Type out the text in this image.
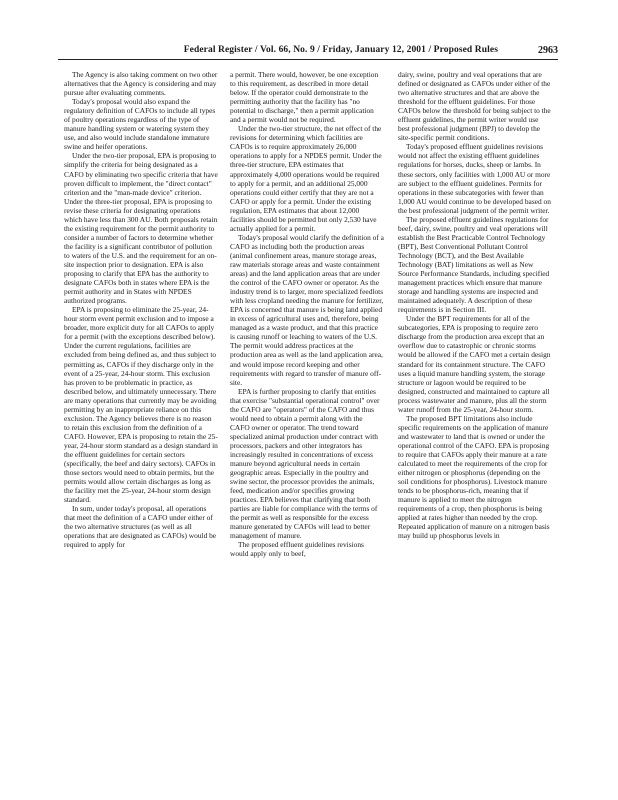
Federal Register / Vol. 66, No. 9 / Friday, January 12, 2001 / Proposed Rules	2963

The Agency is also taking comment on two other alternatives that the Agency is considering and may pursue after evaluating comments.

Today's proposal would also expand the regulatory definition of CAFOs to include all types of poultry operations regardless of the type of manure handling system or watering system they use, and also would include standalone immature swine and heifer operations.

Under the two-tier proposal, EPA is proposing to simplify the criteria for being designated as a CAFO by eliminating two specific criteria that have proven difficult to implement, the "direct contact" criterion and the "man-made device" criterion. Under the three-tier proposal, EPA is proposing to revise these criteria for designating operations which have less than 300 AU. Both proposals retain the existing requirement for the permit authority to consider a number of factors to determine whether the facility is a significant contributor of pollution to waters of the U.S. and the requirement for an on-site inspection prior to designation. EPA is also proposing to clarify that EPA has the authority to designate CAFOs both in states where EPA is the permit authority and in States with NPDES authorized programs.

EPA is proposing to eliminate the 25-year, 24-hour storm event permit exclusion and to impose a broader, more explicit duty for all CAFOs to apply for a permit (with the exceptions described below). Under the current regulations, facilities are excluded from being defined as, and thus subject to permitting as, CAFOs if they discharge only in the event of a 25-year, 24-hour storm. This exclusion has proven to be problematic in practice, as described below, and ultimately unnecessary. There are many operations that currently may be avoiding permitting by an inappropriate reliance on this exclusion. The Agency believes there is no reason to retain this exclusion from the definition of a CAFO. However, EPA is proposing to retain the 25-year, 24-hour storm standard as a design standard in the effluent guidelines for certain sectors (specifically, the beef and dairy sectors). CAFOs in those sectors would need to obtain permits, but the permits would allow certain discharges as long as the facility met the 25-year, 24-hour storm design standard.

In sum, under today's proposal, all operations that meet the definition of a CAFO under either of the two alternative structures (as well as all operations that are designated as CAFOs) would be required to apply for

a permit. There would, however, be one exception to this requirement, as described in more detail below. If the operator could demonstrate to the permitting authority that the facility has "no potential to discharge," then a permit application and a permit would not be required.

Under the two-tier structure, the net effect of the revisions for determining which facilities are CAFOs is to require approximately 26,000 operations to apply for a NPDES permit. Under the three-tier structure, EPA estimates that approximately 4,000 operations would be required to apply for a permit, and an additional 25,000 operations could either certify that they are not a CAFO or apply for a permit. Under the existing regulation, EPA estimates that about 12,000 facilities should be permitted but only 2,530 have actually applied for a permit.

Today's proposal would clarify the definition of a CAFO as including both the production areas (animal confinement areas, manure storage areas, raw materials storage areas and waste containment areas) and the land application areas that are under the control of the CAFO owner or operator. As the industry trend is to larger, more specialized feedlots with less cropland needing the manure for fertilizer, EPA is concerned that manure is being land applied in excess of agricultural uses and, therefore, being managed as a waste product, and that this practice is causing runoff or leaching to waters of the U.S. The permit would address practices at the production area as well as the land application area, and would impose record keeping and other requirements with regard to transfer of manure off-site.

EPA is further proposing to clarify that entities that exercise "substantial operational control" over the CAFO are "operators" of the CAFO and thus would need to obtain a permit along with the CAFO owner or operator. The trend toward specialized animal production under contract with processors, packers and other integrators has increasingly resulted in concentrations of excess manure beyond agricultural needs in certain geographic areas. Especially in the poultry and swine sector, the processor provides the animals, feed, medication and/or specifies growing practices. EPA believes that clarifying that both parties are liable for compliance with the terms of the permit as well as responsible for the excess manure generated by CAFOs will lead to better management of manure.

The proposed effluent guidelines revisions would apply only to beef,

dairy, swine, poultry and veal operations that are defined or designated as CAFOs under either of the two alternative structures and that are above the threshold for the effluent guidelines. For those CAFOs below the threshold for being subject to the effluent guidelines, the permit writer would use best professional judgment (BPJ) to develop the site-specific permit conditions.

Today's proposed effluent guidelines revisions would not affect the existing effluent guidelines regulations for horses, ducks, sheep or lambs. In these sectors, only facilities with 1,000 AU or more are subject to the effluent guidelines. Permits for operations in these subcategories with fewer than 1,000 AU would continue to be developed based on the best professional judgment of the permit writer.

The proposed effluent guidelines regulations for beef, dairy, swine, poultry and veal operations will establish the Best Practicable Control Technology (BPT), Best Conventional Pollutant Control Technology (BCT), and the Best Available Technology (BAT) limitations as well as New Source Performance Standards, including specified management practices which ensure that manure storage and handling systems are inspected and maintained adequately. A description of these requirements is in Section III.

Under the BPT requirements for all of the subcategories, EPA is proposing to require zero discharge from the production area except that an overflow due to catastrophic or chronic storms would be allowed if the CAFO met a certain design standard for its containment structure. The CAFO uses a liquid manure handling system, the storage structure or lagoon would be required to be designed, constructed and maintained to capture all process wastewater and manure, plus all the storm water runoff from the 25-year, 24-hour storm.

The proposed BPT limitations also include specific requirements on the application of manure and wastewater to land that is owned or under the operational control of the CAFO. EPA is proposing to require that CAFOs apply their manure at a rate calculated to meet the requirements of the crop for either nitrogen or phosphorus (depending on the soil conditions for phosphorus). Livestock manure tends to be phosphorus-rich, meaning that if manure is applied to meet the nitrogen requirements of a crop, then phosphorus is being applied at rates higher than needed by the crop. Repeated application of manure on a nitrogen basis may build up phosphorus levels in
